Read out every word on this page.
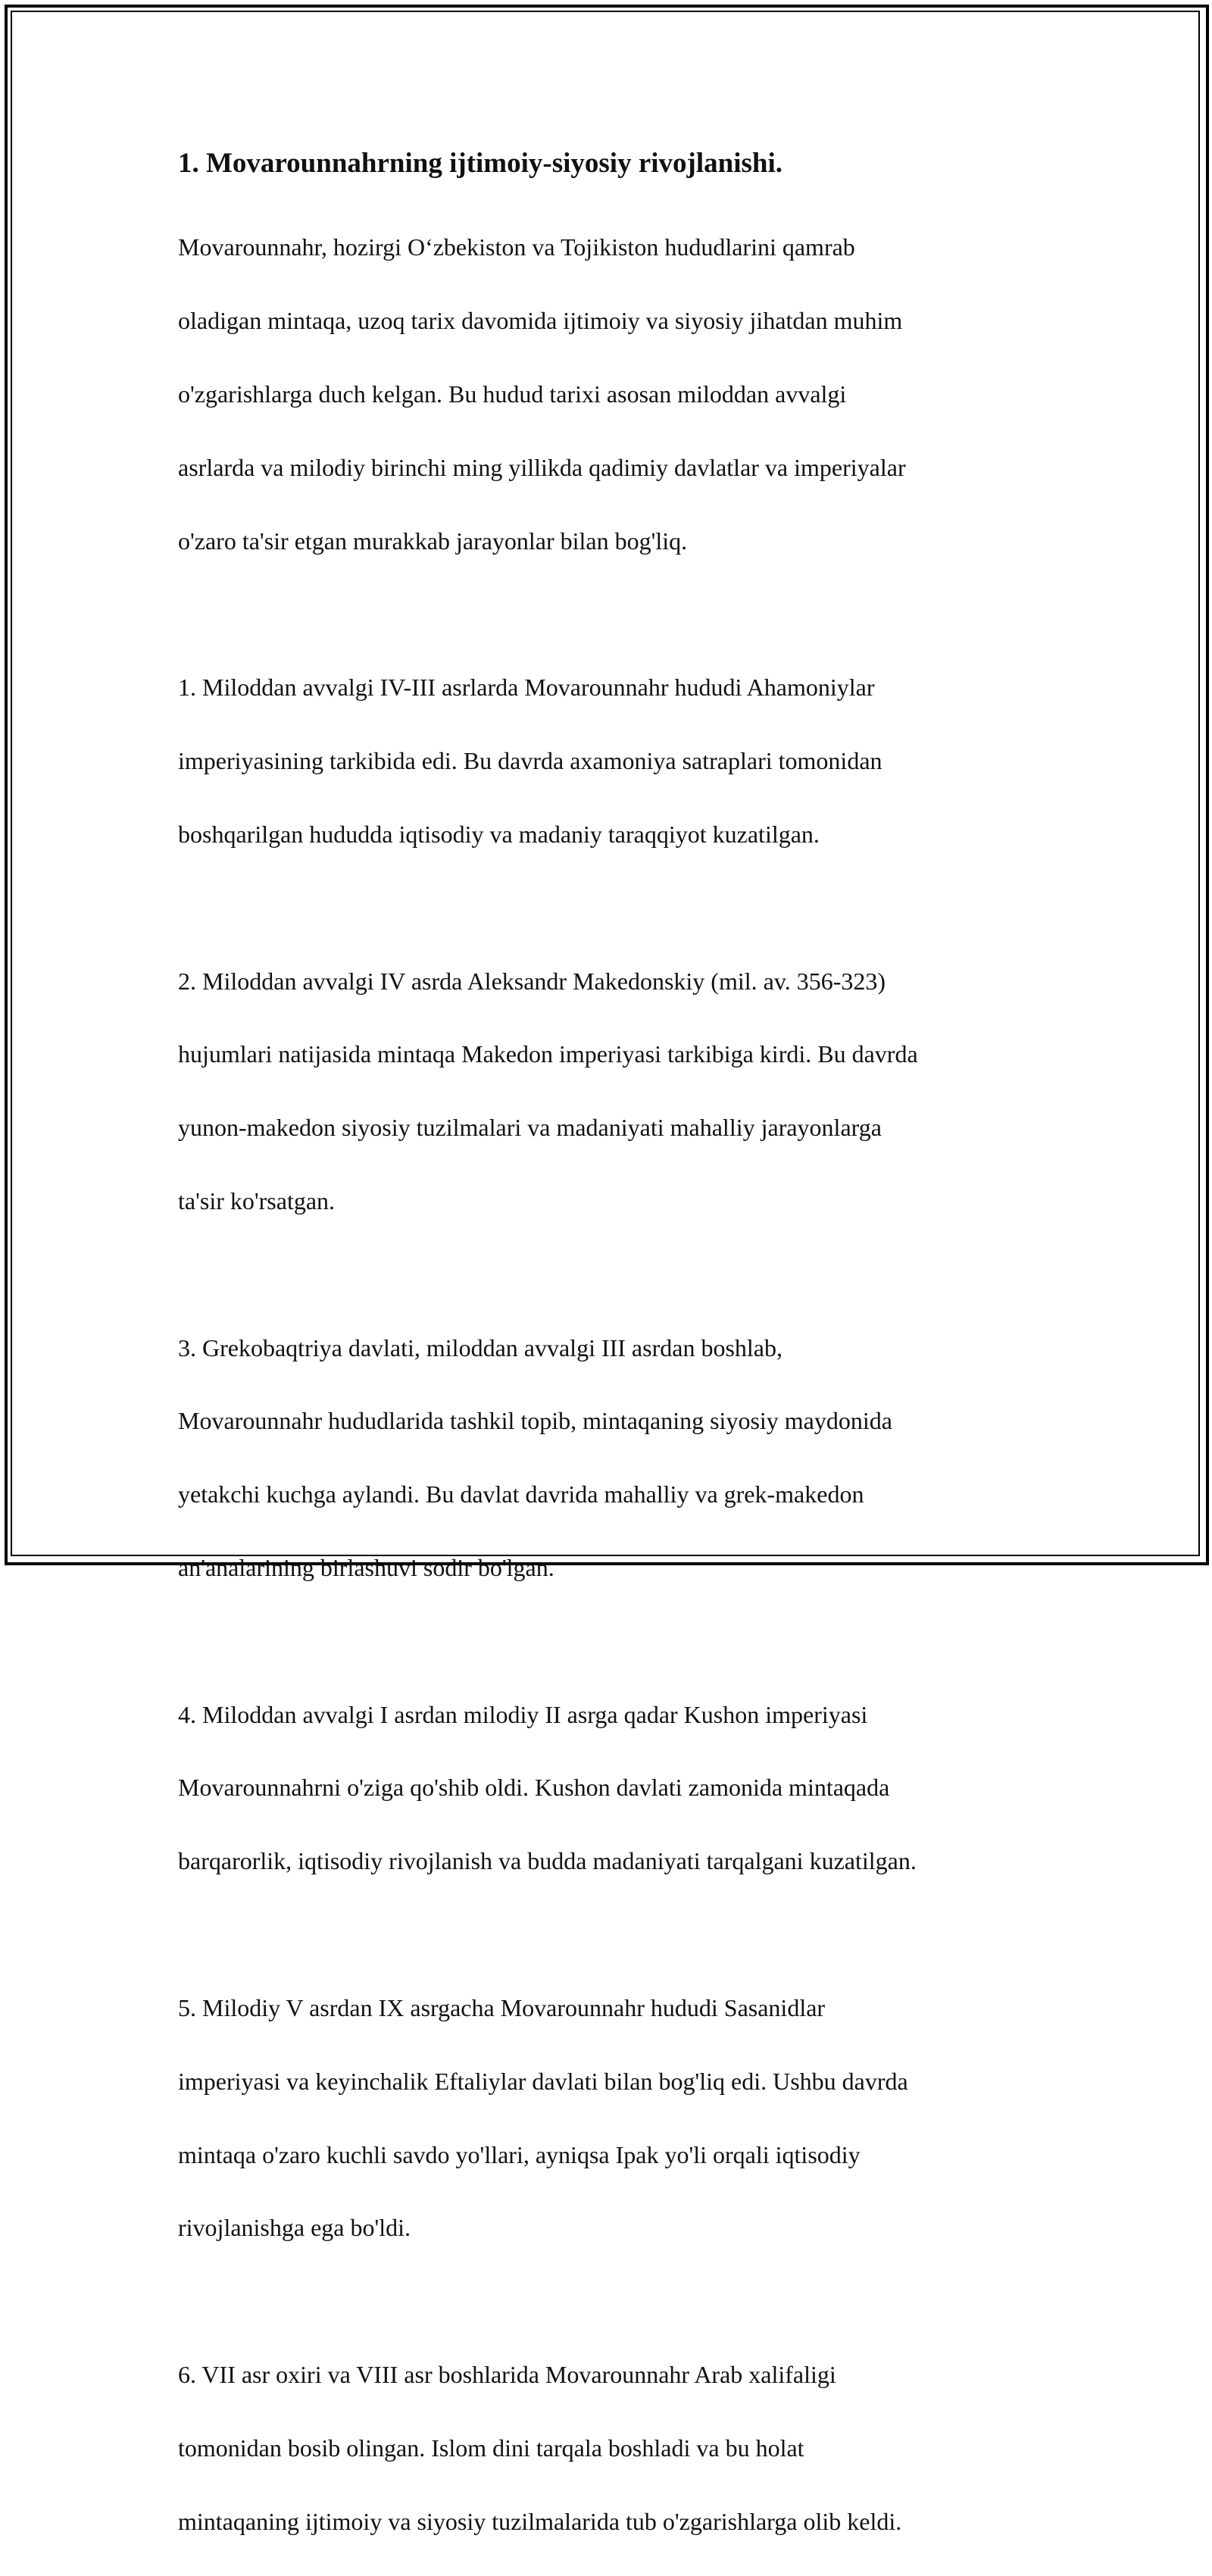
1. Movarounnahrning ijtimoiy-siyosiy rivojlanishi.

Movarounnahr, hozirgi O‘zbekiston va Tojikiston hududlarini qamrab

oladigan mintaqa, uzoq tarix davomida ijtimoiy va siyosiy jihatdan muhim

o'zgarishlarga duch kelgan. Bu hudud tarixi asosan miloddan avvalgi

asrlarda va milodiy birinchi ming yillikda qadimiy davlatlar va imperiyalar

o'zaro ta'sir etgan murakkab jarayonlar bilan bog'liq.

1. Miloddan avvalgi IV-III asrlarda Movarounnahr hududi Ahamoniylar

imperiyasining tarkibida edi. Bu davrda axamoniya satraplari tomonidan

boshqarilgan hududda iqtisodiy va madaniy taraqqiyot kuzatilgan.

2. Miloddan avvalgi IV asrda Aleksandr Makedonskiy (mil. av. 356-323)

hujumlari natijasida mintaqa Makedon imperiyasi tarkibiga kirdi. Bu davrda

yunon-makedon siyosiy tuzilmalari va madaniyati mahalliy jarayonlarga

ta'sir ko'rsatgan.

3. Grekobaqtriya davlati, miloddan avvalgi III asrdan boshlab,

Movarounnahr hududlarida tashkil topib, mintaqaning siyosiy maydonida

yetakchi kuchga aylandi. Bu davlat davrida mahalliy va grek-makedon

an'analarining birlashuvi sodir bo'lgan.

4. Miloddan avvalgi I asrdan milodiy II asrga qadar Kushon imperiyasi

Movarounnahrni o'ziga qo'shib oldi. Kushon davlati zamonida mintaqada

barqarorlik, iqtisodiy rivojlanish va budda madaniyati tarqalgani kuzatilgan.

5. Milodiy V asrdan IX asrgacha Movarounnahr hududi Sasanidlar

imperiyasi va keyinchalik Eftaliylar davlati bilan bog'liq edi. Ushbu davrda

mintaqa o'zaro kuchli savdo yo'llari, ayniqsa Ipak yo'li orqali iqtisodiy

rivojlanishga ega bo'ldi.

6. VII asr oxiri va VIII asr boshlarida Movarounnahr Arab xalifaligi

tomonidan bosib olingan. Islom dini tarqala boshladi va bu holat

mintaqaning ijtimoiy va siyosiy tuzilmalarida tub o'zgarishlarga olib keldi.
